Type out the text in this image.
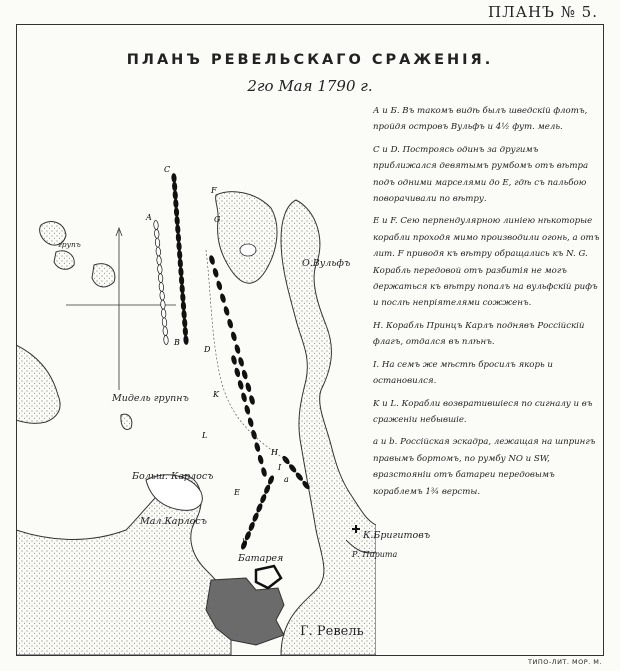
ПЛАНЪ № 5.
ПЛАНЪ РЕВЕЛЬСКАГО СРАЖЕНІЯ.
2го Мая 1790 г.
A
B
C
D
E
F
G
H
I
K
L
a
b
О.Вульфъ
Мидель групнъ
Больш. Карлосъ
Мал.Карлосъ
Батарея
К.Бригитовъ
Р. Пирита
Г. Ревель
групъ

А и Б. Въ такомъ видѣ былъ шведскій флотъ, пройдя островъ Вульфъ и 4½ фут. мель.

С и D. Построясь одинъ за другимъ приближался девятымъ румбомъ отъ вѣтра подъ одними марселями до Е, гдѣ съ пальбою поворачивали по вѣтру.

E и F. Сею перпендулярною линіею нѣкоторые корабли проходя мимо производили огонь, а отъ лит. F приводя къ вѣтру обращались къ N. G. Корабль передовой отъ разбитія не могъ держаться къ вѣтру попалъ на вульфскій рифъ и послѣ непріятелями сожженъ.

H. Корабль Принцъ Карлъ поднявъ Россійскій флагъ, отдался въ плѣнъ.

I. На семъ же мѣстѣ бросилъ якорь и остановился.

K и L. Корабли возвратившіеся по сигналу и въ сраженіи небывшіе.

a и b. Россійская эскадра, лежащая на шпрингъ правымъ бортомъ, по румбу NO и SW, вразстояніи отъ батареи передовымъ кораблемъ 1¾ версты.

ТИПО-ЛИТ. МОР. М.
